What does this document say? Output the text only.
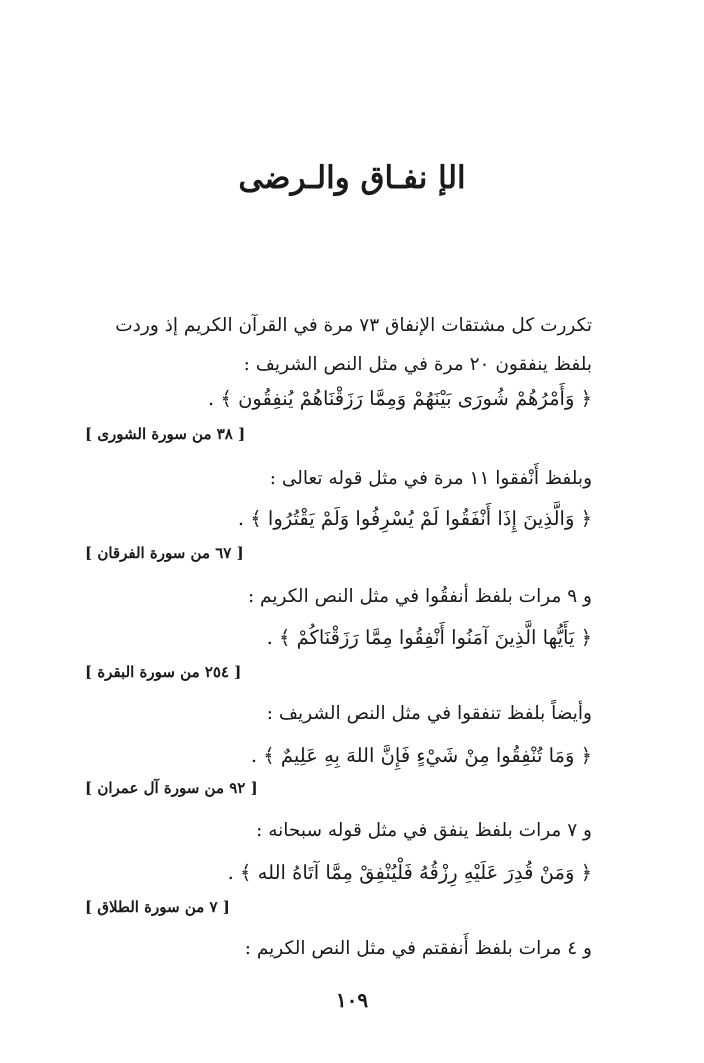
الإ نفـاق والـرضى

تكررت كل مشتقات الإنفاق ٧٣ مرة في القرآن الكريم إذ وردت بلفظ ينفقون ٢٠ مرة في مثل النص الشريف :

﴿ وَأَمْرُهُمْ شُورَى بَيْنَهُمْ وَمِمَّا رَزَقْنَاهُمْ يُنفِقُون ﴾ .

[ ٣٨ من سورة الشورى ]

وبلفظ أَنْفقوا ١١ مرة في مثل قوله تعالى :

﴿ وَالَّذِينَ إِذَا أَنْفَقُوا لَمْ يُسْرِفُوا وَلَمْ يَقْتُرُوا ﴾ .

[ ٦٧ من سورة الفرقان ]

و ٩ مرات بلفظ أنفقُوا في مثل النص الكريم :

﴿ يَأَيُّها الَّذِينَ آمَنُوا أَنْفِقُوا مِمَّا رَزَقْنَاكُمْ ﴾ .

[ ٢٥٤ من سورة البقرة ]

وأيضاً بلفظ تنفقوا في مثل النص الشريف :

﴿ وَمَا تُنْفِقُوا مِنْ شَيْءٍ فَإِنَّ اللهَ بِهِ عَلِيمٌ ﴾ .

[ ٩٢ من سورة آل عمران ]

و ٧ مرات بلفظ ينفق في مثل قوله سبحانه :

﴿ وَمَنْ قُدِرَ عَلَيْهِ رِزْقُهُ فَلْيُنْفِقْ مِمَّا آتَاهُ الله ﴾ .

[ ٧ من سورة الطلاق ]

و ٤ مرات بلفظ أَنفقتم في مثل النص الكريم :

١٠٩
